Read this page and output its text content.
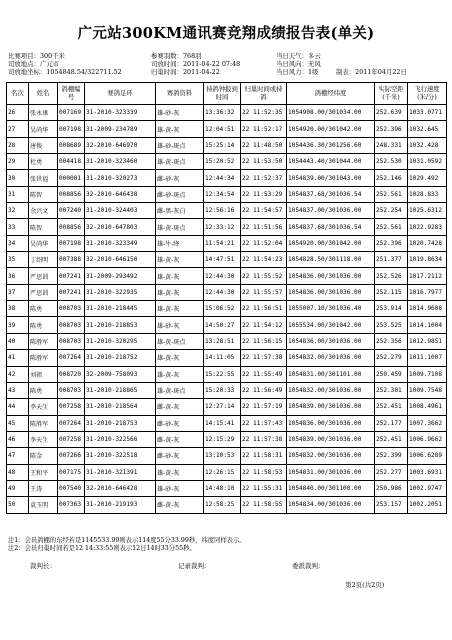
广元站300KM通讯赛竞翔成绩报告表(单关)
比赛项目：300千米	参赛羽数：768羽	当日天气：多云
司放地点：广元市	司放时间：2011-04-22 07:48	当日风向：无风
司放地坐标：1054848.54/322711.52	归巢时间：2011-04-22	当日风力：1级	制表：2011年04月22日
名次	姓名	鸽棚编号	赛鸽足环	赛鸽资料	持鸽钟报到时间	归巢时间或持鸽	鸽棚经纬度	实际空距(千米)	飞行速度(米/分)
26	张永康	007169	31-2010-323339	雄-砂-灰	13:36:32	22 11:52:35	1054908.00/301034.00	252.639	1033.0771
27	吴尚华	007198	31-2009-234789	雄-黄-灰	12:04:51	22 11:52:17	1054920.00/301042.00	252.396	1032.645
28	唐俊	008689	32-2010-646970	雄-砂-斑点	15:25:14	22 11:48:50	1054436.30/301256.60	248.331	1032.428
29	杜勇	004418	31-2010-323460	雄-黄-斑点	15:20:52	22 11:53:50	1054443.40/301044.00	252.530	1031.0592
30	张世福	000001	31-2010-320273	雌-砂-灰	12:44:34	22 11:52:37	1054839.00/301043.00	252.146	1029.492
31	陈智	008856	32-2010-646438	雌-砂-斑点	12:34:54	22 11:53:29	1054837.68/301036.54	252.561	1028.833
32	余兴文	007240	31-2010-324403	雌-黑-灰白	12:56:16	22 11:54:57	1054837.00/301036.00	252.254	1025.6312
33	陈智	008856	32-2010-647803	雄-黄-斑点	12:33:12	22 11:51:56	1054837.68/301036.54	252.561	1022.9283
34	吴尚华	007198	31-2010-323349	雄-牛-绛	11:54:21	22 11:52:04	1054920.00/301042.00	252.396	1020.7428
35	丁绍明	007388	32-2010-646150	雄-黄-灰	14:47:51	22 11:54:23	1054828.50/301118.00	251.377	1019.8634
36	严思训	007241	31-2009-293492	雄-黄-灰	12:44:30	22 11:55:52	1054836.00/301036.00	252.526	1017.2112
37	严思训	007241	31-2010-322935	雄-黄-灰	12:44:30	22 11:55:57	1054836.00/301036.00	252.115	1016.7977
38	陈勇	008703	31-2010-218445	雄-黄-灰	15:06:52	22 11:56:51	1055007.10/301036.40	253.914	1014.9608
39	陈勇	008703	31-2010-218853	雄-砂-灰	14:50:27	22 11:54:12	1055534.00/301042.00	253.525	1014.1004
40	陈胜军	008703	31-2010-320295	雄-黄-斑点	13:28:51	22 11:56:15	1054836.00/301036.00	252.356	1012.9851
41	陈胜军	007264	31-2010-218752	雄-黄-灰	14:11:05	22 11:57:38	1054832.00/301036.00	252.279	1011.1007
42	刘祖	008720	32-2009-758093	雄-黄-灰	15:22:55	22 11:55:49	1054831.00/301101.00	250.459	1009.7108
43	陈勇	008703	31-2010-218865	雄-黄-斑点	15:20:33	22 11:56:49	1054832.00/301036.00	252.301	1009.7548
44	李天生	007258	31-2010-218564	雌-黄-灰	12:27:14	22 11:57:19	1054839.00/301036.00	252.451	1008.4961
45	陈胜军	007264	31-2010-218753	雌-砂-灰	14:15:41	22 11:57:43	1054836.00/301036.00	252.177	1007.3662
46	李天生	007258	31-2010-322566	雌-黄-灰	12:15:29	22 11:57:38	1054839.00/301036.00	252.451	1006.9662
47	陈金	007266	31-2010-322518	雌-砂-灰	13:10:53	22 11:58:31	1054832.00/301036.00	252.399	1006.6289
48	王和平	007175	31-2010-321391	雄-黄-灰	12:26:15	22 11:58:53	1054831.00/301036.00	252.277	1003.6931
49	王涛	007540	32-2010-646428	雄-砂-灰	14:48:10	22 11:55:31	1054840.00/301100.00	250.986	1002.9747
50	袁玉明	007363	31-2010-219193	雌-黄-灰	12:58:25	22 11:58:55	1054834.00/301036.00	253.157	1002.2051
注1：会员鸽棚的东经若是1145533.99则表示114度55分33.99秒，纬度同样表示。
注2：会员归巢时间若是12 14:33:55则表示12日14时33分55秒。
裁判长：	记录裁判：	委派裁判：
第2页(共2页)
